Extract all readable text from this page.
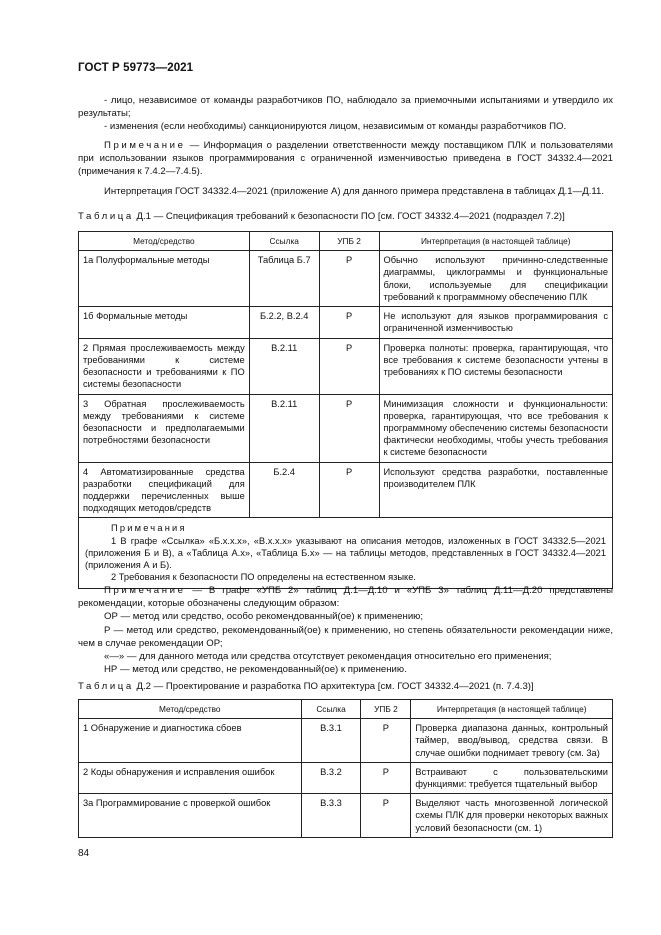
ГОСТ Р 59773—2021

- лицо, независимое от команды разработчиков ПО, наблюдало за приемочными испытаниями и утвердило их результаты;

- изменения (если необходимы) санкционируются лицом, независимым от команды разработчиков ПО.

Примечание — Информация о разделении ответственности между поставщиком ПЛК и пользователями при использовании языков программирования с ограниченной изменчивостью приведена в ГОСТ 34332.4—2021 (примечания к 7.4.2—7.4.5).

Интерпретация ГОСТ 34332.4—2021 (приложение А) для данного примера представлена в таблицах Д.1—Д.11.

Таблица Д.1 — Спецификация требований к безопасности ПО [см. ГОСТ 34332.4—2021 (подраздел 7.2)]
Метод/средство	Ссылка	УПБ 2	Интерпретация (в настоящей таблице)
1а Полуформальные методы	Таблица Б.7	Р	Обычно используют причинно-следственные диаграммы, циклограммы и функциональные блоки, используемые для спецификации требований к программному обеспечению ПЛК
1б Формальные методы	Б.2.2, В.2.4	Р	Не используют для языков программирования с ограниченной изменчивостью
2 Прямая прослеживаемость между требованиями к системе безопасности и требованиями к ПО системы безопасности	В.2.11	Р	Проверка полноты: проверка, гарантирующая, что все требования к системе безопасности учтены в требованиях к ПО системы безопасности
3 Обратная прослеживаемость между требованиями к системе безопасности и предполагаемыми потребностями безопасности	В.2.11	Р	Минимизация сложности и функциональности: проверка, гарантирующая, что все требования к программному обеспечению системы безопасности фактически необходимы, чтобы учесть требования к системе безопасности
4 Автоматизированные средства разработки спецификаций для поддержки перечисленных выше подходящих методов/средств	Б.2.4	Р	Используют средства разработки, поставленные производителем ПЛК

Примечания

1 В графе «Ссылка» «Б.х.х.х», «В.х.х.х» указывают на описания методов, изложенных в ГОСТ 34332.5—2021 (приложения Б и В), а «Таблица А.х», «Таблица Б.х» — на таблицы методов, представленных в ГОСТ 34332.4—2021 (приложения А и Б).

2 Требования к безопасности ПО определены на естественном языке.			

Примечание — В графе «УПБ 2» таблиц Д.1—Д.10 и «УПБ 3» таблиц Д.11—Д.20 представлены рекомендации, которые обозначены следующим образом:

ОР — метод или средство, особо рекомендованный(ое) к применению;

Р — метод или средство, рекомендованный(ое) к применению, но степень обязательности рекомендации ниже, чем в случае рекомендации ОР;

«—» — для данного метода или средства отсутствует рекомендация относительно его применения;

НР — метод или средство, не рекомендованный(ое) к применению.

Таблица Д.2 — Проектирование и разработка ПО архитектура [см. ГОСТ 34332.4—2021 (п. 7.4.3)]
Метод/средство	Ссылка	УПБ 2	Интерпретация (в настоящей таблице)
1 Обнаружение и диагностика сбоев	В.3.1	Р	Проверка диапазона данных, контрольный таймер, ввод/вывод, средства связи. В случае ошибки поднимает тревогу (см. 3а)
2 Коды обнаружения и исправления ошибок	В.3.2	Р	Встраивают с пользовательскими функциями: требуется тщательный выбор
3а Программирование с проверкой ошибок	В.3.3	Р	Выделяют часть многозвенной логической схемы ПЛК для проверки некоторых важных условий безопасности (см. 1)
84
